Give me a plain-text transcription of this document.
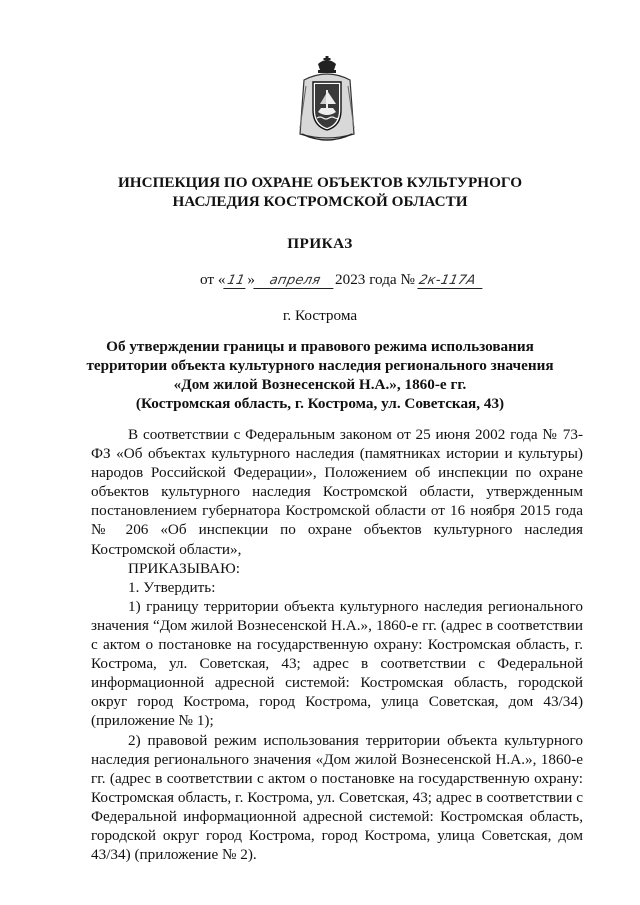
ИНСПЕКЦИЯ ПО ОХРАНЕ ОБЪЕКТОВ КУЛЬТУРНОГО
НАСЛЕДИЯ КОСТРОМСКОЙ ОБЛАСТИ
ПРИКАЗ
от «11» апреля 2023 года № 2к-117А
г. Кострома
Об утверждении границы и правового режима использования
территории объекта культурного наследия регионального значения
«Дом жилой Вознесенской Н.А.», 1860-е гг.
(Костромская область, г. Кострома, ул. Советская, 43)

В соответствии с Федеральным законом от 25 июня 2002 года № 73-ФЗ «Об объектах культурного наследия (памятниках истории и культуры) народов Российской Федерации», Положением об инспекции по охране объектов культурного наследия Костромской области, утвержденным постановлением губернатора Костромской области от 16 ноября 2015 года № 206 «Об инспекции по охране объектов культурного наследия Костромской области»,

ПРИКАЗЫВАЮ:

1. Утвердить:

1) границу территории объекта культурного наследия регионального значения “Дом жилой Вознесенской Н.А.», 1860-е гг. (адрес в соответствии с актом о постановке на государственную охрану: Костромская область, г. Кострома, ул. Советская, 43; адрес в соответствии с Федеральной информационной адресной системой: Костромская область, городской округ город Кострома, город Кострома, улица Советская, дом 43/34) (приложение № 1);

2) правовой режим использования территории объекта культурного наследия регионального значения «Дом жилой Вознесенской Н.А.», 1860-е гг. (адрес в соответствии с актом о постановке на государственную охрану: Костромская область, г. Кострома, ул. Советская, 43; адрес в соответствии с Федеральной информационной адресной системой: Костромская область, городской округ город Кострома, город Кострома, улица Советская, дом 43/34) (приложение № 2).
